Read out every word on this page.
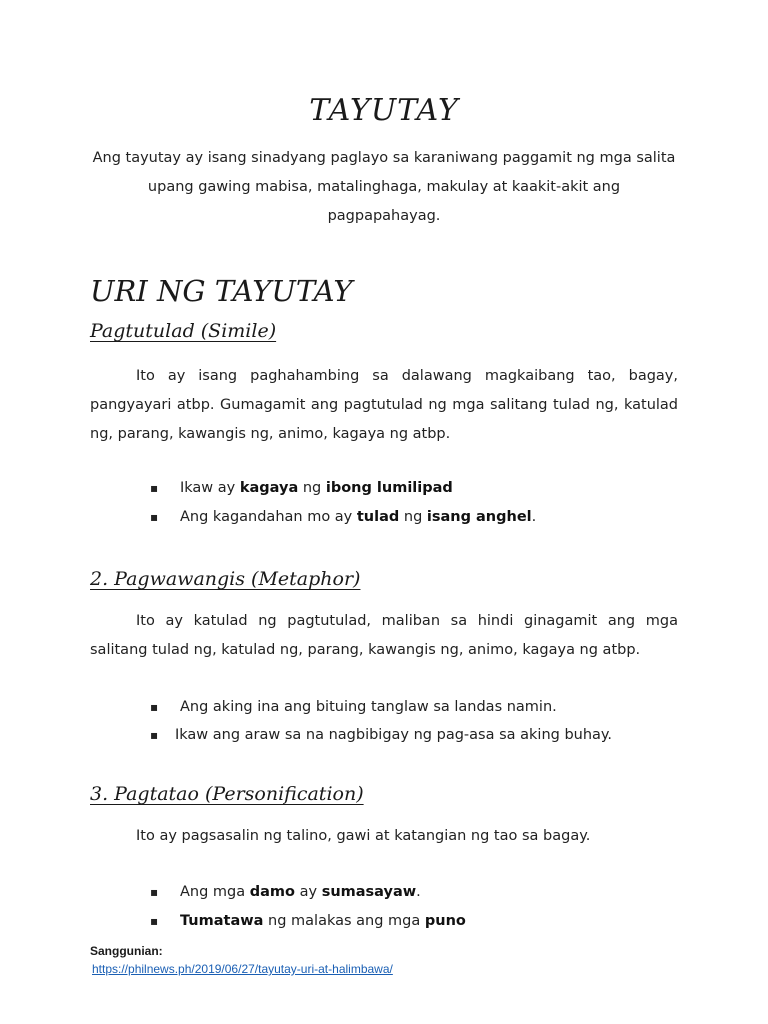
TAYUTAY
Ang tayutay ay isang sinadyang paglayo sa karaniwang paggamit ng mga salita upang gawing mabisa, matalinghaga, makulay at kaakit-akit ang pagpapahayag.
URI NG TAYUTAY
Pagtutulad (Simile)
Ito ay isang paghahambing sa dalawang magkaibang tao, bagay, pangyayari atbp. Gumagamit ang pagtutulad ng mga salitang tulad ng, katulad ng, parang, kawangis ng, animo, kagaya ng atbp.
▪ Ikaw ay kagaya ng ibong lumilipad
▪ Ang kagandahan mo ay tulad ng isang anghel.
2. Pagwawangis (Metaphor)
Ito ay katulad ng pagtutulad, maliban sa hindi ginagamit ang mga salitang tulad ng, katulad ng, parang, kawangis ng, animo, kagaya ng atbp.
▪ Ang aking ina ang bituing tanglaw sa landas namin.
▪ Ikaw ang araw sa na nagbibigay ng pag-asa sa aking buhay.
3. Pagtatao (Personification)
Ito ay pagsasalin ng talino, gawi at katangian ng tao sa bagay.
▪ Ang mga damo ay sumasayaw.
▪ Tumatawa ng malakas ang mga puno
Sanggunian:
https://philnews.ph/2019/06/27/tayutay-uri-at-halimbawa/
